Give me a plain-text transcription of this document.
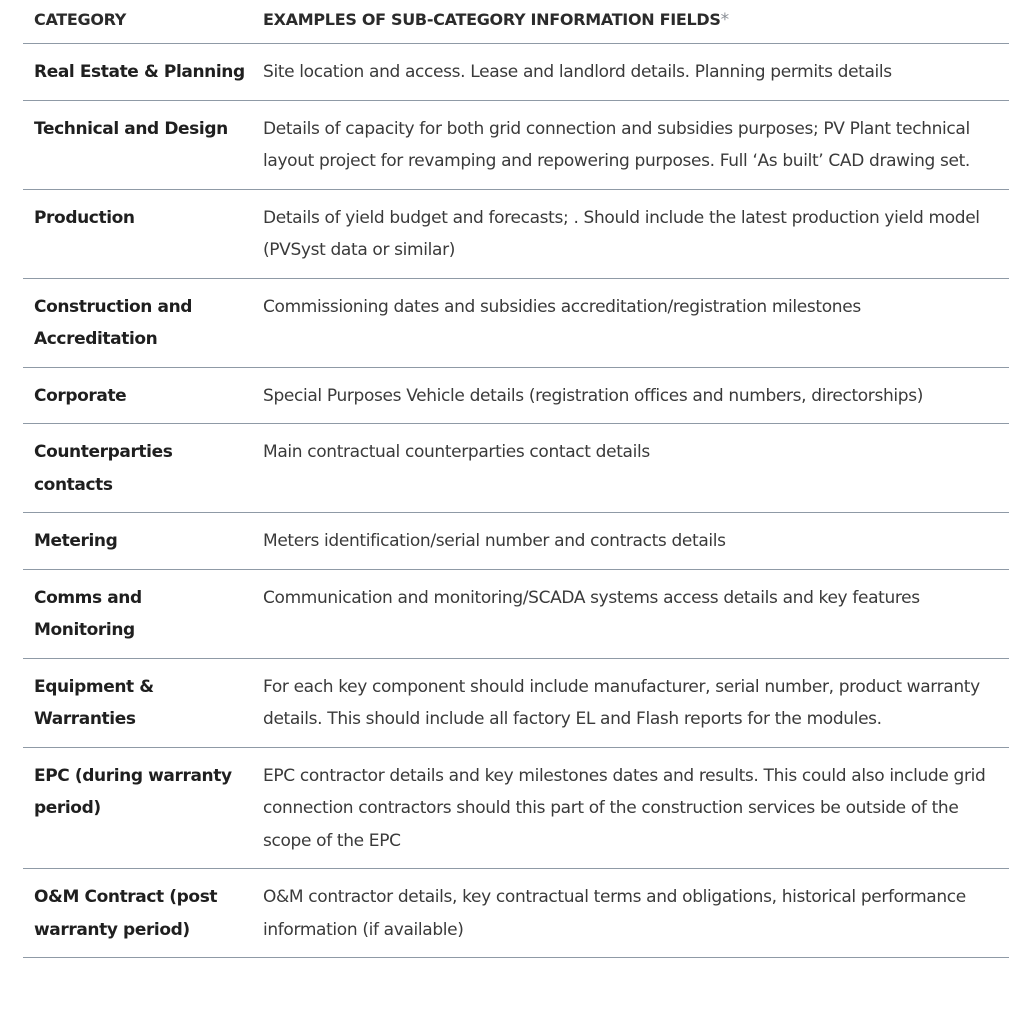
CATEGORY	EXAMPLES OF SUB-CATEGORY INFORMATION FIELDS*
Real Estate & Planning	Site location and access. Lease and landlord details. Planning permits details
Technical and Design	Details of capacity for both grid connection and subsidies purposes; PV Plant technical layout project for revamping and repowering purposes. Full ‘As built’ CAD drawing set.
Production	Details of yield budget and forecasts; . Should include the latest production yield model (PVSyst data or similar)
Construction and Accreditation	Commissioning dates and subsidies accreditation/registration milestones
Corporate	Special Purposes Vehicle details (registration offices and numbers, directorships)
Counterparties contacts	Main contractual counterparties contact details
Metering	Meters identification/serial number and contracts details
Comms and Monitoring	Communication and monitoring/SCADA systems access details and key features
Equipment & Warranties	For each key component should include manufacturer, serial number, product warranty details. This should include all factory EL and Flash reports for the modules.
EPC (during warranty period)	EPC contractor details and key milestones dates and results. This could also include grid connection contractors should this part of the construction services be outside of the scope of the EPC
O&M Contract (post warranty period)	O&M contractor details, key contractual terms and obligations, historical performance information (if available)
